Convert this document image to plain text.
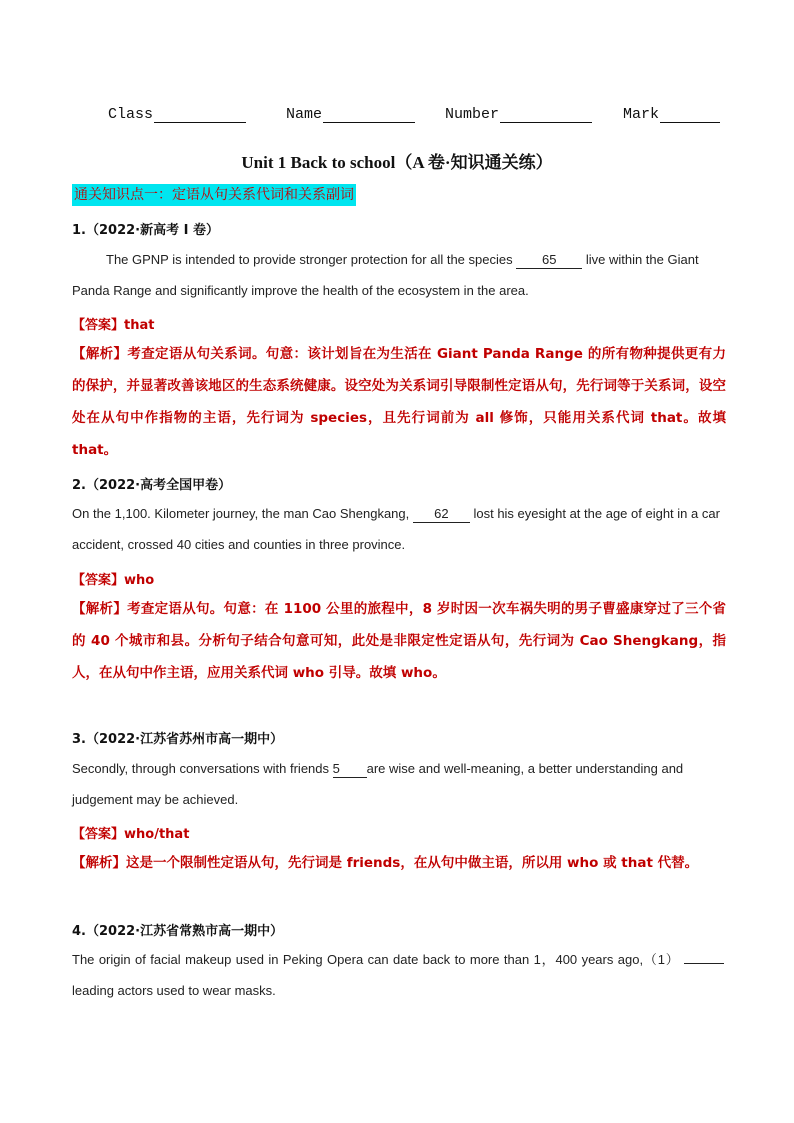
Class	Name	Number	Mark
Unit 1 Back to school（A 卷·知识通关练）
通关知识点一：定语从句关系代词和关系副词
1.（2022·新高考 I 卷）
The GPNP is intended to provide stronger protection for all the species 65 live within the Giant Panda Range and significantly improve the health of the ecosystem in the area.
【答案】that
【解析】考查定语从句关系词。句意：该计划旨在为生活在 Giant Panda Range 的所有物种提供更有力的保护，并显著改善该地区的生态系统健康。设空处为关系词引导限制性定语从句，先行词等于关系词，设空处在从句中作指物的主语，先行词为 species，且先行词前为 all 修饰，只能用关系代词 that。故填 that。
2.（2022·高考全国甲卷）
On the 1,100. Kilometer journey, the man Cao Shengkang, 62 lost his eyesight at the age of eight in a car accident, crossed 40 cities and counties in three province.
【答案】who
【解析】考查定语从句。句意：在 1100 公里的旅程中，8 岁时因一次车祸失明的男子曹盛康穿过了三个省的 40 个城市和县。分析句子结合句意可知，此处是非限定性定语从句，先行词为 Cao Shengkang，指人，在从句中作主语，应用关系代词 who 引导。故填 who。
3.（2022·江苏省苏州市高一期中）
Secondly, through conversations with friends 5 are wise and well-meaning, a better understanding and judgement may be achieved.
【答案】who/that
【解析】这是一个限制性定语从句，先行词是 friends，在从句中做主语，所以用 who 或 that 代替。
4.（2022·江苏省常熟市高一期中）
The origin of facial makeup used in Peking Opera can date back to more than 1，400 years ago,（1）  leading actors used to wear masks.
